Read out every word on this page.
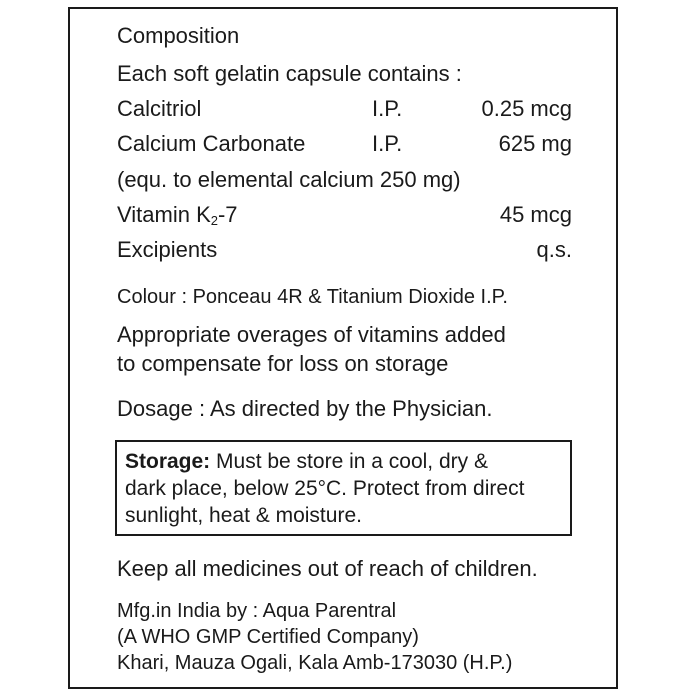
Composition
Each soft gelatin capsule contains :
Calcitriol	I.P.	0.25 mcg
Calcium Carbonate	I.P.	625 mg
(equ. to elemental calcium 250 mg)
Vitamin $K_2-7$	45 mcg
Excipients	q.s.
Colour : Ponceau 4R & Titanium Dioxide I.P.
Appropriate overages of vitamins added
to compensate for loss on storage
Dosage : As directed by the Physician.
Storage: Must be store in a cool, dry &
dark place, below 25°C. Protect from direct
sunlight, heat & moisture.
Keep all medicines out of reach of children.
Mfg.in India by : Aqua Parentral
(A WHO GMP Certified Company)
Khari, Mauza Ogali, Kala Amb-173030 (H.P.)
